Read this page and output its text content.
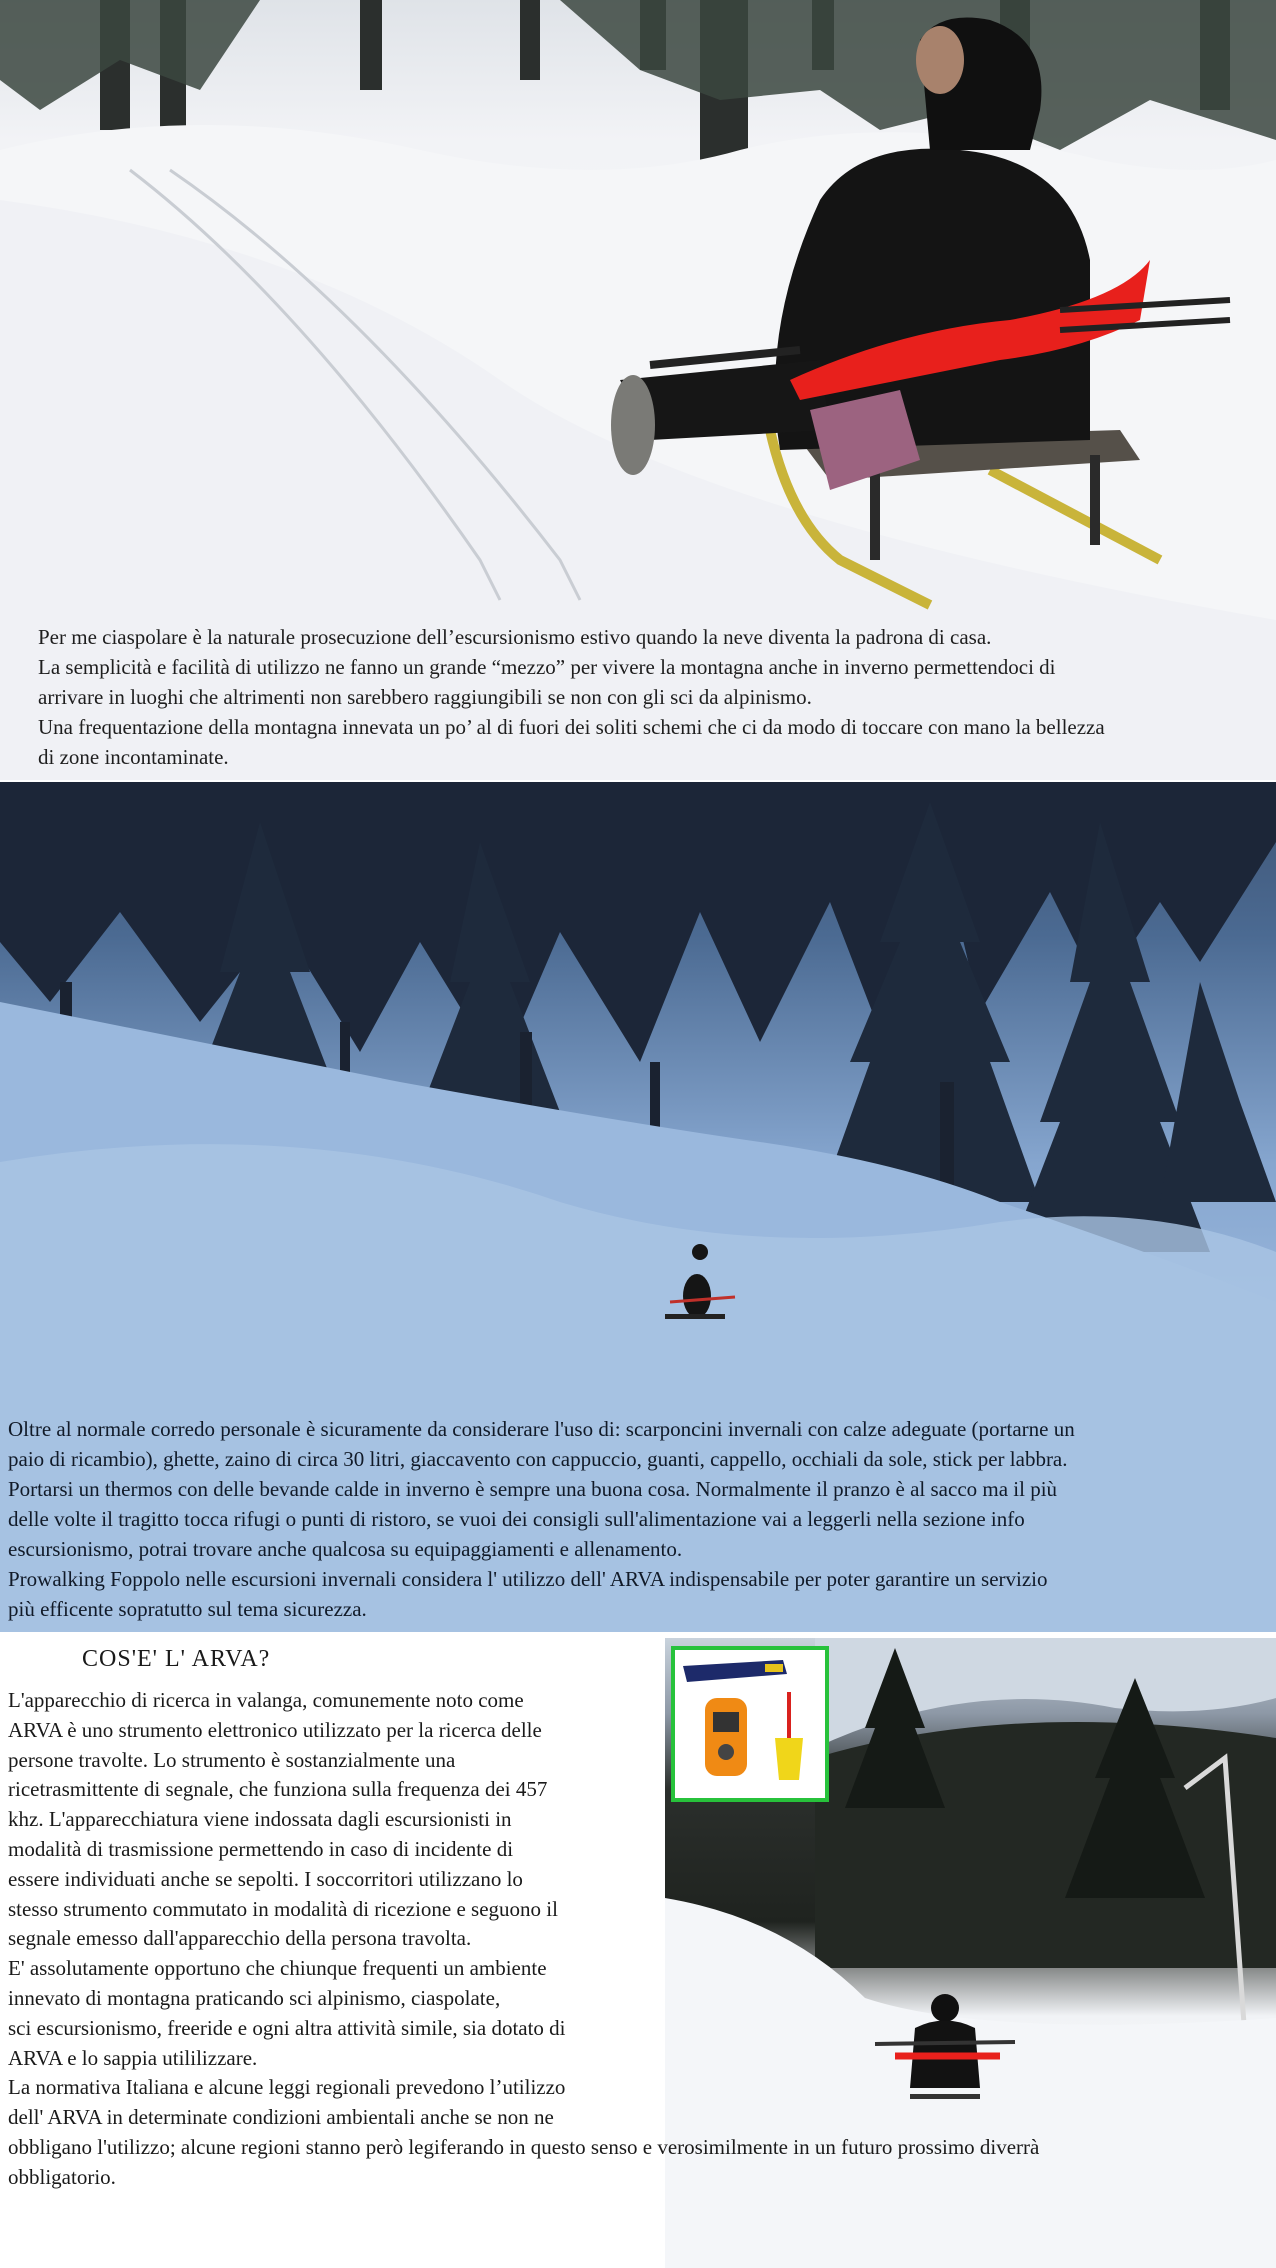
Per me ciaspolare è la naturale prosecuzione dell’escursionismo estivo quando la neve diventa la padrona di casa.

La semplicità e facilità di utilizzo ne fanno un grande “mezzo” per vivere la montagna anche in inverno permettendoci di

arrivare in luoghi che altrimenti non sarebbero raggiungibili se non con gli sci da alpinismo.

Una frequentazione della montagna innevata un po’ al di fuori dei soliti schemi che ci da modo di toccare con mano la bellezza

di zone incontaminate.

Oltre al normale corredo personale è sicuramente da considerare l'uso di: scarponcini invernali con calze adeguate (portarne un

paio di ricambio), ghette, zaino di circa 30 litri, giaccavento con cappuccio, guanti, cappello, occhiali da sole, stick per labbra.

Portarsi un thermos con delle bevande calde in inverno è sempre una buona cosa. Normalmente il pranzo è al sacco ma il più

delle volte il tragitto tocca rifugi o punti di ristoro, se vuoi dei consigli sull'alimentazione vai a leggerli nella sezione info

escursionismo, potrai trovare anche qualcosa su equipaggiamenti e allenamento.

Prowalking Foppolo nelle escursioni invernali considera l' utilizzo dell' ARVA indispensabile per poter garantire un servizio

più efficente sopratutto sul tema sicurezza.

COS'E' L' ARVA?

L'apparecchio di ricerca in valanga, comunemente noto come

ARVA è uno strumento elettronico utilizzato per la ricerca delle

persone travolte. Lo strumento è sostanzialmente una

ricetrasmittente di segnale, che funziona sulla frequenza dei 457

khz. L'apparecchiatura viene indossata dagli escursionisti in

modalità di trasmissione permettendo in caso di incidente di

essere individuati anche se sepolti. I soccorritori utilizzano lo

stesso strumento commutato in modalità di ricezione e seguono il

segnale emesso dall'apparecchio della persona travolta.

E' assolutamente opportuno che chiunque frequenti un ambiente

innevato di montagna praticando sci alpinismo, ciaspolate,

sci escursionismo, freeride e ogni altra attività simile, sia dotato di

ARVA e lo sappia utililizzare.

La normativa Italiana e alcune leggi regionali prevedono l’utilizzo

dell' ARVA in determinate condizioni ambientali anche se non ne

obbligano l'utilizzo; alcune regioni stanno però legiferando in questo senso e verosimilmente in un futuro prossimo diverrà

obbligatorio.
